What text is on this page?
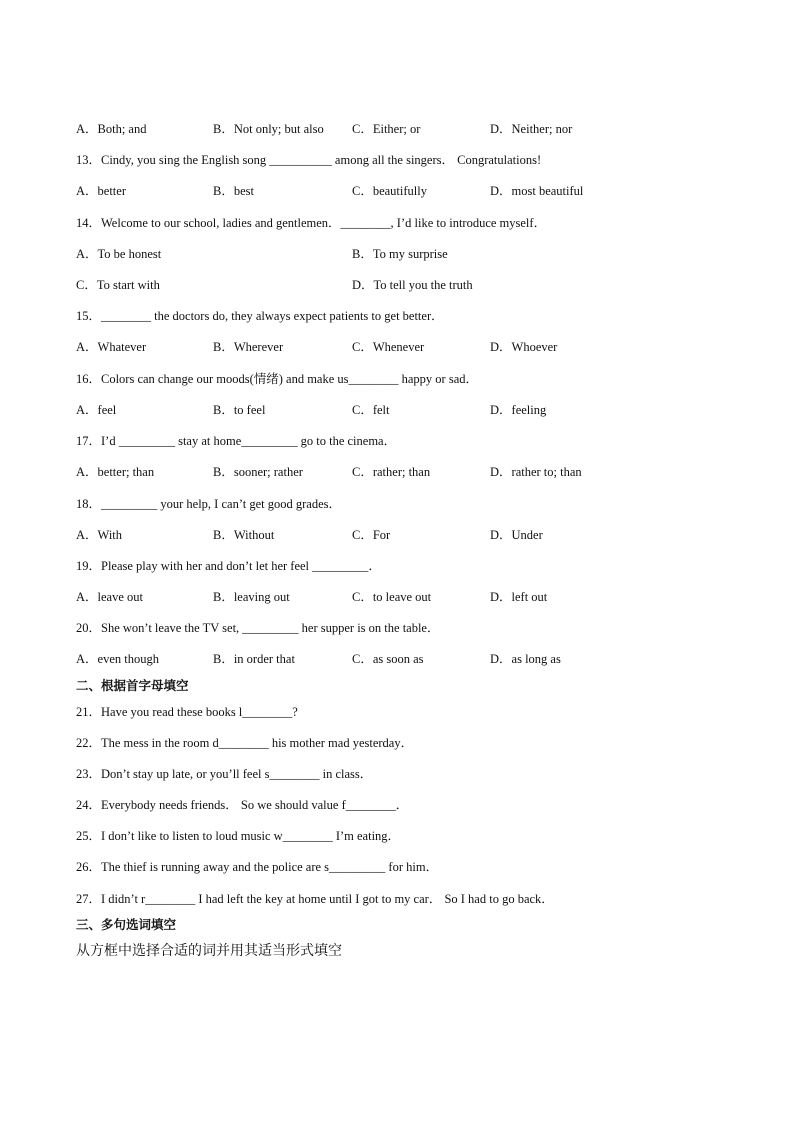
A．Both; and	B．Not only; but also C．Either; or	D．Neither; nor
13．Cindy, you sing the English song __________ among all the singers． Congratulations!
A．better	B．best	C．beautifully	D．most beautiful
14．Welcome to our school, ladies and gentlemen．________, I’d like to introduce myself．
A．To be honest	B．To my surprise
C．To start with	D．To tell you the truth
15．________ the doctors do, they always expect patients to get better．
A．Whatever	B．Wherever	C．Whenever	D．Whoever
16．Colors can change our moods(情绪) and make us________ happy or sad．
A．feel	B．to feel	C．felt	D．feeling
17．I’d _________ stay at home_________ go to the cinema．
A．better; than	B．sooner; rather	C．rather; than	D．rather to; than
18．_________ your help, I can’t get good grades．
A．With	B．Without	C．For	D．Under
19．Please play with her and don’t let her feel _________．
A．leave out	B．leaving out	C．to leave out	D．left out
20．She won’t leave the TV set, _________ her supper is on the table．
A．even though	B．in order that	C．as soon as	D．as long as
二、根据首字母填空
21．Have you read these books l________?
22．The mess in the room d________ his mother mad yesterday．
23．Don’t stay up late, or you’ll feel s________ in class．
24．Everybody needs friends． So we should value f________．
25．I don’t like to listen to loud music w________ I’m eating．
26．The thief is running away and the police are s_________ for him．
27．I didn’t r________ I had left the key at home until I got to my car． So I had to go back．
三、多句选词填空
从方框中选择合适的词并用其适当形式填空
